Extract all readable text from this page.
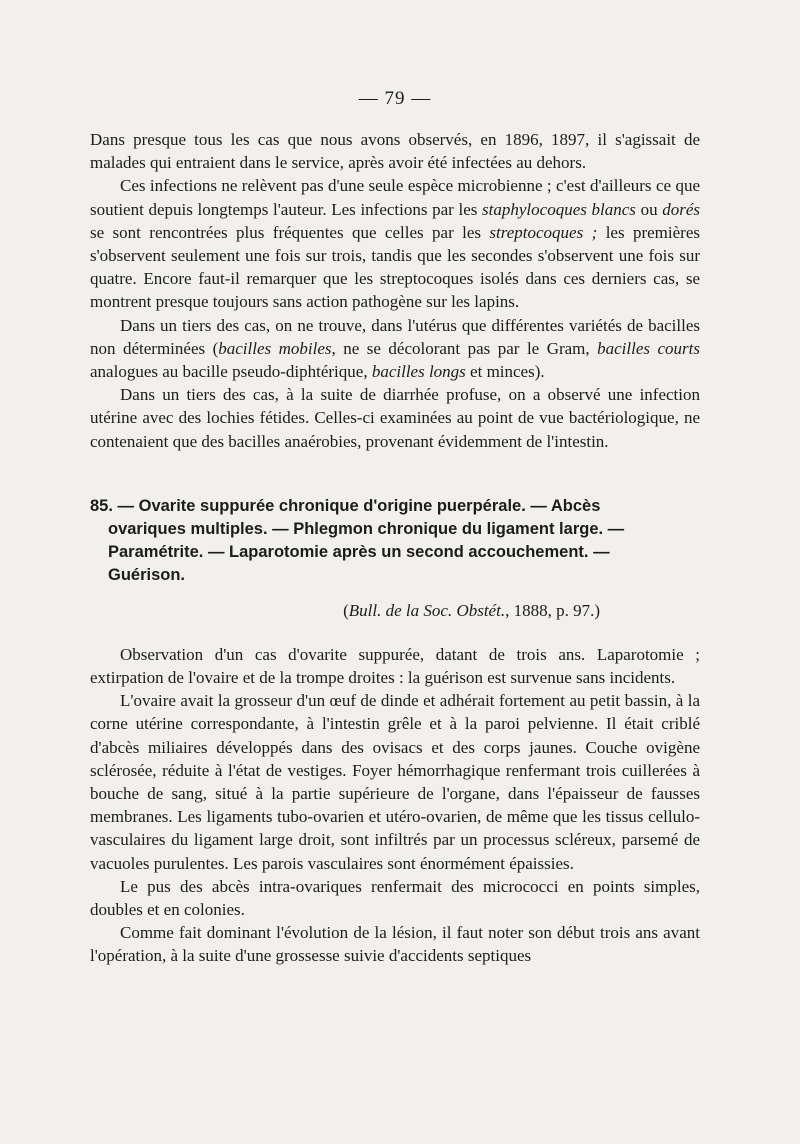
— 79 —

Dans presque tous les cas que nous avons observés, en 1896, 1897, il s'agissait de malades qui entraient dans le service, après avoir été infectées au dehors.

Ces infections ne relèvent pas d'une seule espèce microbienne ; c'est d'ailleurs ce que soutient depuis longtemps l'auteur. Les infections par les staphylocoques blancs ou dorés se sont rencontrées plus fréquentes que celles par les streptocoques ; les premières s'observent seulement une fois sur trois, tandis que les secondes s'observent une fois sur quatre. Encore faut-il remarquer que les streptocoques isolés dans ces derniers cas, se montrent presque toujours sans action pathogène sur les lapins.

Dans un tiers des cas, on ne trouve, dans l'utérus que différentes variétés de bacilles non déterminées (bacilles mobiles, ne se décolorant pas par le Gram, bacilles courts analogues au bacille pseudo-diphtérique, bacilles longs et minces).

Dans un tiers des cas, à la suite de diarrhée profuse, on a observé une infection utérine avec des lochies fétides. Celles-ci examinées au point de vue bactériologique, ne contenaient que des bacilles anaérobies, provenant évidemment de l'intestin.

85. — Ovarite suppurée chronique d'origine puerpérale. — Abcès
ovariques multiples. — Phlegmon chronique du ligament large. —
Paramétrite. — Laparotomie après un second accouchement. —
Guérison.
(Bull. de la Soc. Obstét., 1888, p. 97.)

Observation d'un cas d'ovarite suppurée, datant de trois ans. Laparotomie ; extirpation de l'ovaire et de la trompe droites : la guérison est survenue sans incidents.

L'ovaire avait la grosseur d'un œuf de dinde et adhérait fortement au petit bassin, à la corne utérine correspondante, à l'intestin grêle et à la paroi pelvienne. Il était criblé d'abcès miliaires développés dans des ovisacs et des corps jaunes. Couche ovigène sclérosée, réduite à l'état de vestiges. Foyer hémorrhagique renfermant trois cuillerées à bouche de sang, situé à la partie supérieure de l'organe, dans l'épaisseur de fausses membranes. Les ligaments tubo-ovarien et utéro-ovarien, de même que les tissus cellulo-vasculaires du ligament large droit, sont infiltrés par un processus scléreux, parsemé de vacuoles purulentes. Les parois vasculaires sont énormément épaissies.

Le pus des abcès intra-ovariques renfermait des micrococci en points simples, doubles et en colonies.

Comme fait dominant l'évolution de la lésion, il faut noter son début trois ans avant l'opération, à la suite d'une grossesse suivie d'accidents septiques
